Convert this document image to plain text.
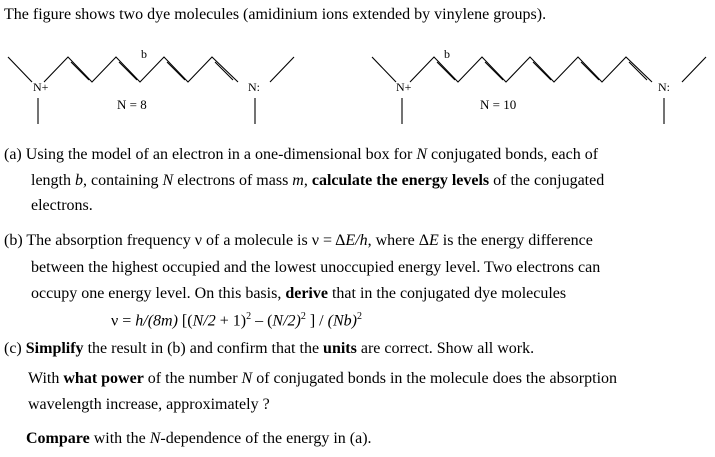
The figure shows two dye molecules (amidinium ions extended by vinylene groups).
N+
b
N:
N = 8
N+
b
N:
N = 10
(a) Using the model of an electron in a one-dimensional box for N conjugated bonds, each of
length b, containing N electrons of mass m, calculate the energy levels of the conjugated
electrons.
(b) The absorption frequency ν of a molecule is ν = ΔE/h, where ΔE is the energy difference
between the highest occupied and the lowest unoccupied energy level. Two electrons can
occupy one energy level. On this basis, derive that in the conjugated dye molecules
ν = h/(8m) [$(N/2 + 1)^2 - (N/2)^2$ ] / $(Nb)^2$
(c) Simplify the result in (b) and confirm that the units are correct. Show all work.
With what power of the number N of conjugated bonds in the molecule does the absorption
wavelength increase, approximately ?
Compare with the N-dependence of the energy in (a).
